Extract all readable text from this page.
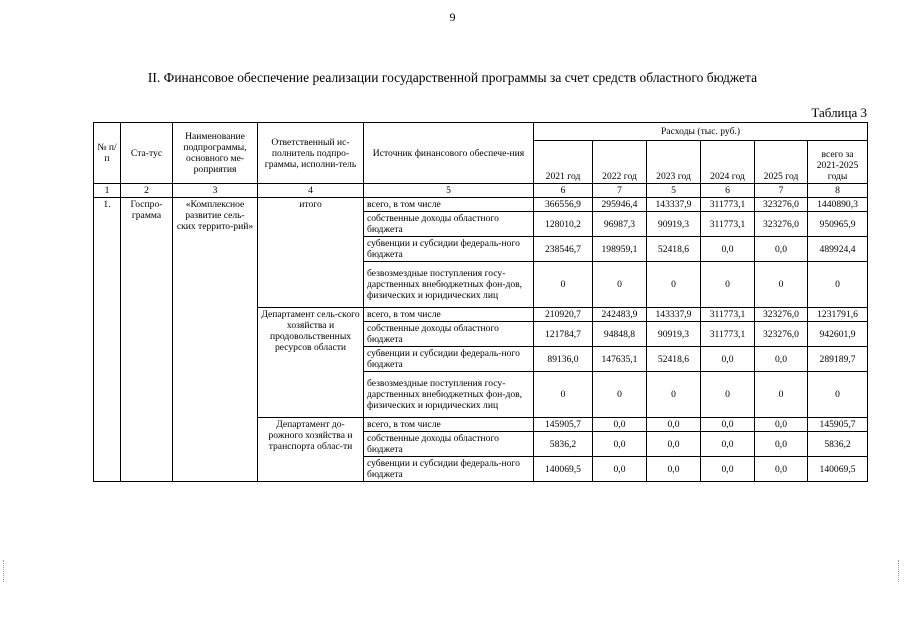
9
II. Финансовое обеспечение реализации государственной программы за счет средств областного бюджета
Таблица 3
№ п/п	Ста-тус	Наименование подпрограммы, основного ме-роприятия	Ответственный ис-полнитель подпро-граммы, исполни-тель	Источник финансового обеспече-ния	Расходы (тыс. руб.)					
					2021 год	2022 год	2023 год	2024 год	2025 год	всего за 2021-2025 годы
1	2	3	4	5	6	7	5	6	7	8
1.	Госпро-грамма	«Комплексное развитие сель-ских террито-рий»	итого	всего, в том числе	366556,9	295946,4	143337,9	311773,1	323276,0	1440890,3
				собственные доходы областного бюджета	128010,2	96987,3	90919,3	311773,1	323276,0	950965,9
				субвенции и субсидии федераль-ного бюджета	238546,7	198959,1	52418,6	0,0	0,0	489924,4
				безвозмездные поступления госу-дарственных внебюджетных фон-дов, физических и юридических лиц	0	0	0	0	0	0
			Департамент сель-ского хозяйства и продовольственных ресурсов области	всего, в том числе	210920,7	242483,9	143337,9	311773,1	323276,0	1231791,6
				собственные доходы областного бюджета	121784,7	94848,8	90919,3	311773,1	323276,0	942601,9
				субвенции и субсидии федераль-ного бюджета	89136,0	147635,1	52418,6	0,0	0,0	289189,7
				безвозмездные поступления госу-дарственных внебюджетных фон-дов, физических и юридических лиц	0	0	0	0	0	0
			Департамент до-рожного хозяйства и транспорта облас-ти	всего, в том числе	145905,7	0,0	0,0	0,0	0,0	145905,7
				собственные доходы областного бюджета	5836,2	0,0	0,0	0,0	0,0	5836,2
				субвенции и субсидии федераль-ного бюджета	140069,5	0,0	0,0	0,0	0,0	140069,5
